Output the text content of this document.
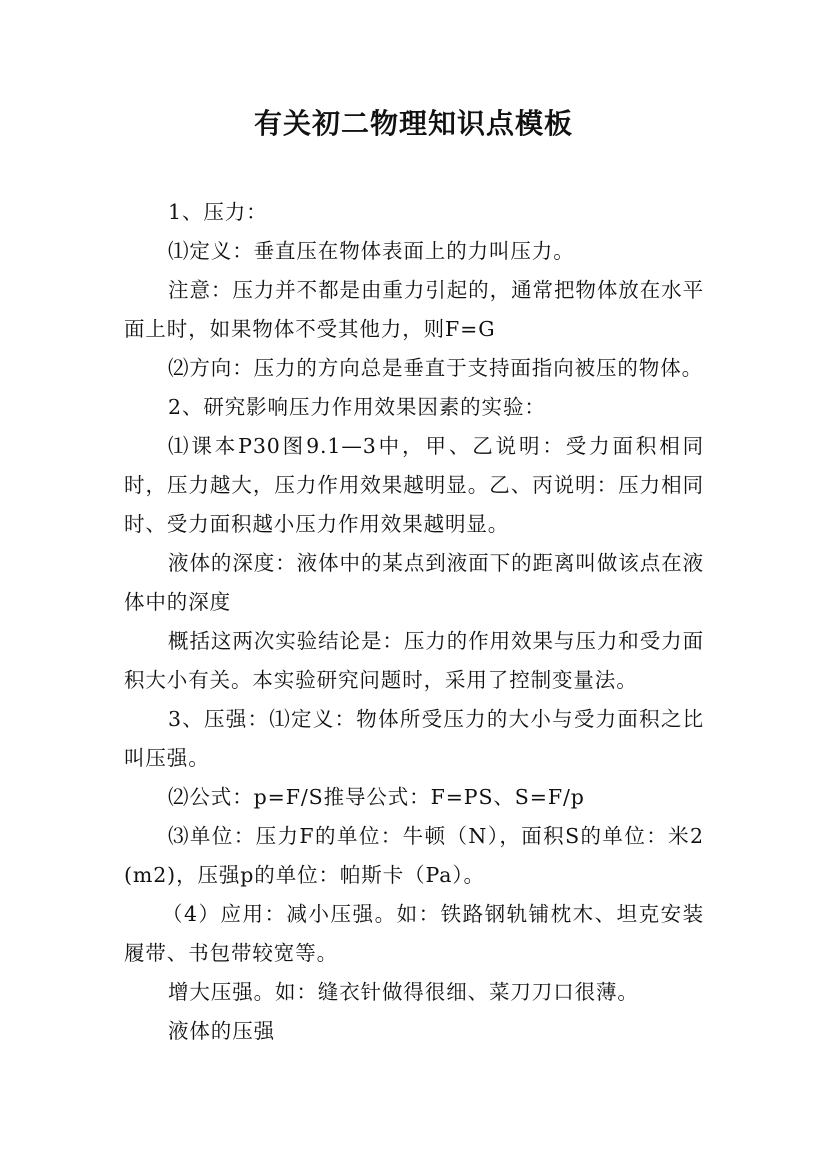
有关初二物理知识点模板

1、压力：

⑴定义：垂直压在物体表面上的力叫压力。

注意：压力并不都是由重力引起的，通常把物体放在水平面上时，如果物体不受其他力，则F=G

⑵方向：压力的方向总是垂直于支持面指向被压的物体。

2、研究影响压力作用效果因素的实验：

⑴课本P30图9.1—3中，甲、乙说明：受力面积相同时，压力越大，压力作用效果越明显。乙、丙说明：压力相同时、受力面积越小压力作用效果越明显。

液体的深度：液体中的某点到液面下的距离叫做该点在液体中的深度

概括这两次实验结论是：压力的作用效果与压力和受力面积大小有关。本实验研究问题时，采用了控制变量法。

3、压强：⑴定义：物体所受压力的大小与受力面积之比叫压强。

⑵公式：p=F/S推导公式：F=PS、S=F/p

⑶单位：压力F的单位：牛顿（N），面积S的单位：米2(m2)，压强p的单位：帕斯卡（Pa）。

（4）应用：减小压强。如：铁路钢轨铺枕木、坦克安装履带、书包带较宽等。

增大压强。如：缝衣针做得很细、菜刀刀口很薄。

液体的压强
